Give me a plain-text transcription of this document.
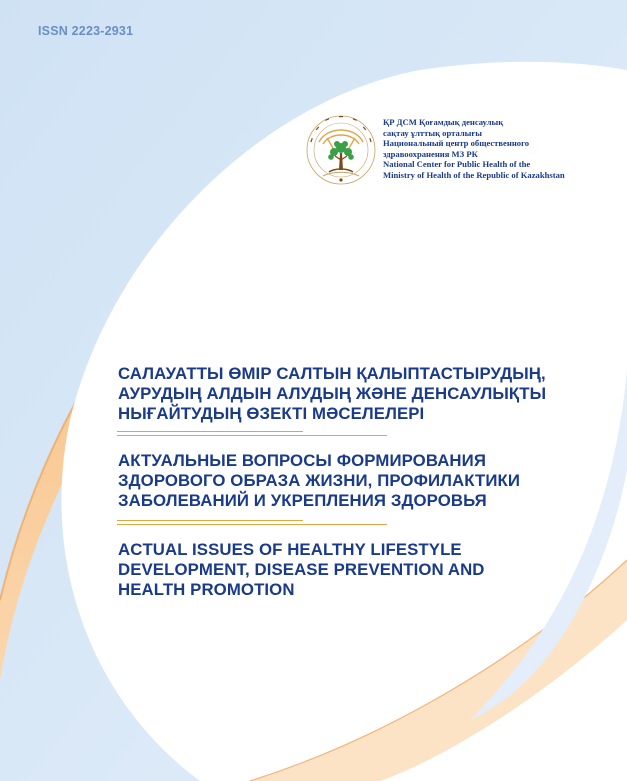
ISSN 2223-2931
ҚР ДСМ Қоғамдық денсаулық
сақтау ұлттық орталығы
Национальный центр общественного
здравоохранения МЗ РК
National Center for Public Health of the
Ministry of Health of the Republic of Kazakhstan
САЛАУАТТЫ ӨМІР САЛТЫН ҚАЛЫПТАСТЫРУДЫҢ,
АУРУДЫҢ АЛДЫН АЛУДЫҢ ЖӘНЕ ДЕНСАУЛЫҚТЫ
НЫҒАЙТУДЫҢ ӨЗЕКТІ МӘСЕЛЕЛЕРІ
АКТУАЛЬНЫЕ ВОПРОСЫ ФОРМИРОВАНИЯ
ЗДОРОВОГО ОБРАЗА ЖИЗНИ, ПРОФИЛАКТИКИ
ЗАБОЛЕВАНИЙ И УКРЕПЛЕНИЯ ЗДОРОВЬЯ
ACTUAL ISSUES OF HEALTHY LIFESTYLE
DEVELOPMENT, DISEASE PREVENTION AND
HEALTH PROMOTION
